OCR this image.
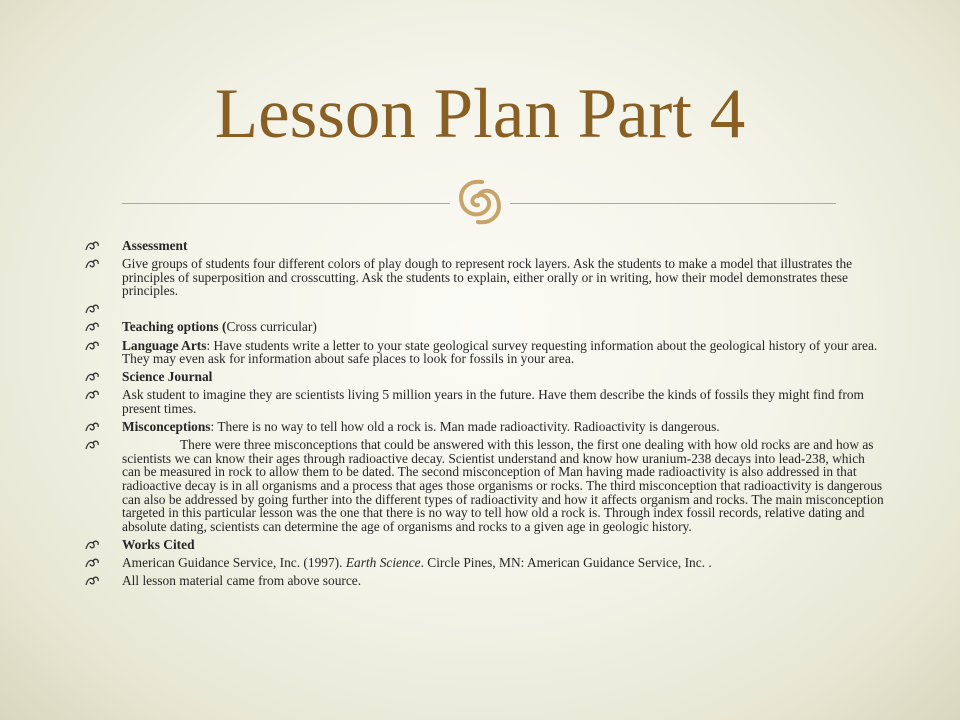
Lesson Plan Part 4
Assessment
Give groups of students four different colors of play dough to represent rock layers. Ask the students to make a model that illustrates the principles of superposition and crosscutting. Ask the students to explain, either orally or in writing, how their model demonstrates these principles.
Teaching options (Cross curricular)
Language Arts: Have students write a letter to your state geological survey requesting information about the geological history of your area. They may even ask for information about safe places to look for fossils in your area.
Science Journal
Ask student to imagine they are scientists living 5 million years in the future. Have them describe the kinds of fossils they might find from present times.
Misconceptions: There is no way to tell how old a rock is. Man made radioactivity. Radioactivity is dangerous.
There were three misconceptions that could be answered with this lesson, the first one dealing with how old rocks are and how as scientists we can know their ages through radioactive decay. Scientist understand and know how uranium-238 decays into lead-238, which can be measured in rock to allow them to be dated. The second misconception of Man having made radioactivity is also addressed in that radioactive decay is in all organisms and a process that ages those organisms or rocks. The third misconception that radioactivity is dangerous can also be addressed by going further into the different types of radioactivity and how it affects organism and rocks. The main misconception targeted in this particular lesson was the one that there is no way to tell how old a rock is. Through index fossil records, relative dating and absolute dating, scientists can determine the age of organisms and rocks to a given age in geologic history.
Works Cited
American Guidance Service, Inc. (1997). Earth Science. Circle Pines, MN: American Guidance Service, Inc. .
All lesson material came from above source.
